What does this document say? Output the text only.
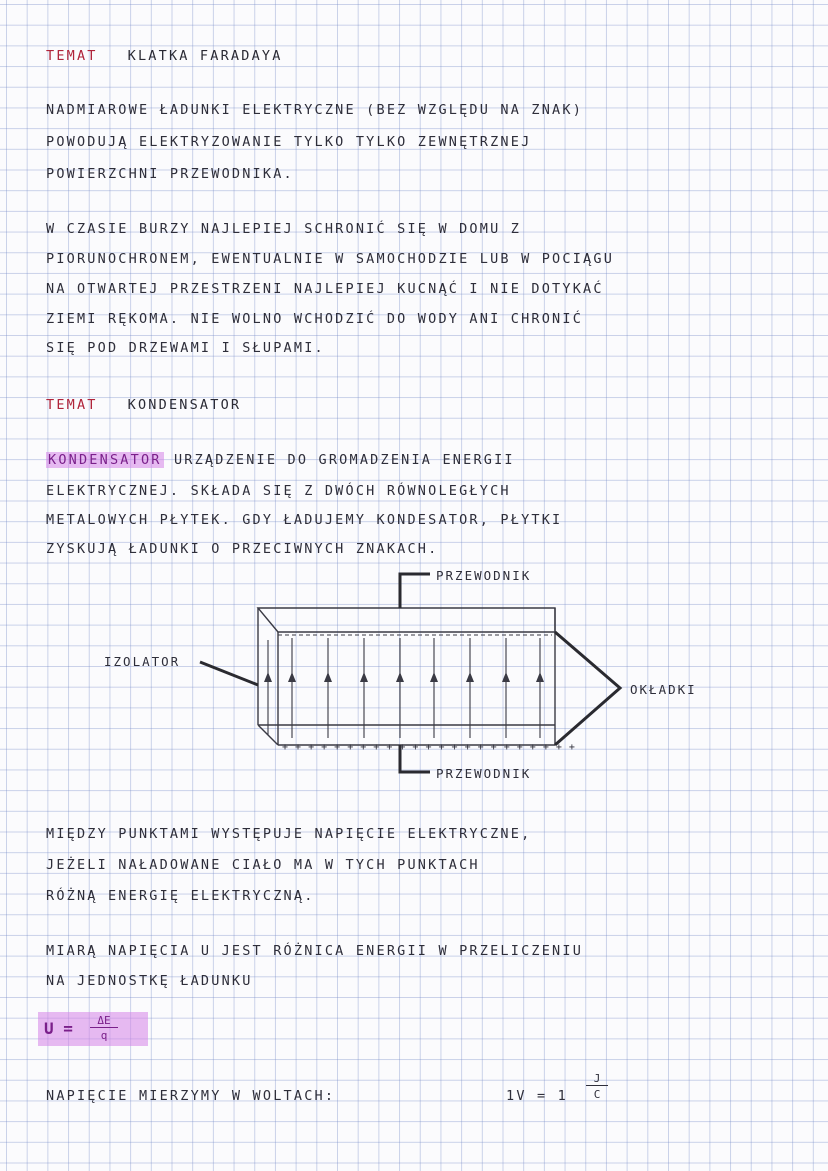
TEMAT KLATKA FARADAYA
NADMIAROWE ŁADUNKI ELEKTRYCZNE (BEZ WZGLĘDU NA ZNAK)
POWODUJĄ ELEKTRYZOWANIE TYLKO TYLKO ZEWNĘTRZNEJ
POWIERZCHNI PRZEWODNIKA.
W CZASIE BURZY NAJLEPIEJ SCHRONIĆ SIĘ W DOMU Z
PIORUNOCHRONEM, EWENTUALNIE W SAMOCHODZIE LUB W POCIĄGU
NA OTWARTEJ PRZESTRZENI NAJLEPIEJ KUCNĄĆ I NIE DOTYKAĆ
ZIEMI RĘKOMA. NIE WOLNO WCHODZIĆ DO WODY ANI CHRONIĆ
SIĘ POD DRZEWAMI I SŁUPAMI.
TEMAT KONDENSATOR
KONDENSATOR URZĄDZENIE DO GROMADZENIA ENERGII
ELEKTRYCZNEJ. SKŁADA SIĘ Z DWÓCH RÓWNOLEGŁYCH
METALOWYCH PŁYTEK. GDY ŁADUJEMY KONDESATOR, PŁYTKI
ZYSKUJĄ ŁADUNKI O PRZECIWNYCH ZNAKACH.
+ + + + + + + + + + + + + + + + + + + + + + +
PRZEWODNIK
PRZEWODNIK
IZOLATOR
OKŁADKI
MIĘDZY PUNKTAMI WYSTĘPUJE NAPIĘCIE ELEKTRYCZNE,
JEŻELI NAŁADOWANE CIAŁO MA W TYCH PUNKTACH
RÓŻNĄ ENERGIĘ ELEKTRYCZNĄ.
MIARĄ NAPIĘCIA U JEST RÓŻNICA ENERGII W PRZELICZENIU
NA JEDNOSTKĘ ŁADUNKU
U =	ΔE
q
NAPIĘCIE MIERZYMY W WOLTACH:	1V = 1
J
C
